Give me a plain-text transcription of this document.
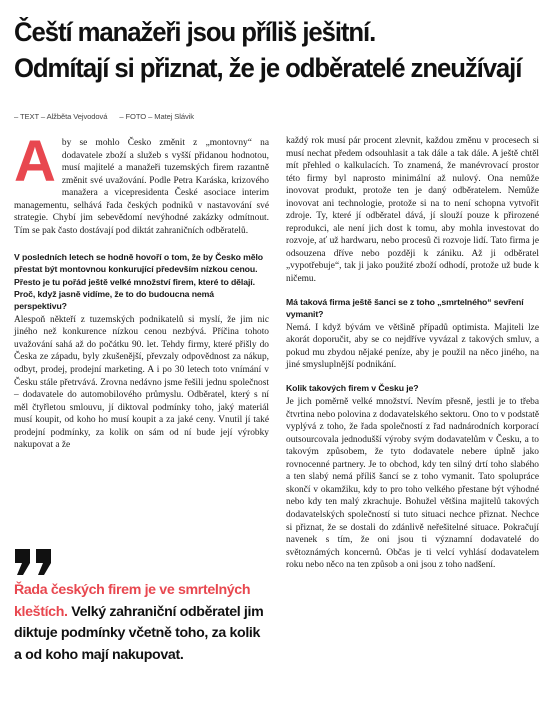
Čeští manažeři jsou příliš ješitní.
Odmítají si přiznat, že je odběratelé zneužívají
– TEXT – Alžběta Vejvodová – FOTO – Matej Slávik

Aby se mohlo Česko změnit z „montovny“ na dodavatele zboží a služeb s vyšší přidanou hodnotou, musí majitelé a manažeři tuzemských firem razantně změnit své uvažování. Podle Petra Karáska, krizového manažera a vicepresidenta České asociace interim managementu, selhává řada českých podniků v nastavování své strategie. Chybí jim sebevědomí nevýhodné zakázky odmítnout. Tím se pak často dostávají pod diktát zahraničních odběratelů.

V posledních letech se hodně hovoří o tom, že by Česko mělo přestat být montovnou konkurující především nízkou cenou. Přesto je tu pořád ještě velké množství firem, které to dělají. Proč, když jasně vidíme, že to do budoucna nemá perspektivu?

Alespoň někteří z tuzemských podnikatelů si myslí, že jim nic jiného než konkurence nízkou cenou nezbývá. Příčina tohoto uvažování sahá až do počátku 90. let. Tehdy firmy, které přišly do Česka ze západu, byly zkušenější, převzaly odpovědnost za nákup, odbyt, prodej, prodejní marketing. A i po 30 letech toto vnímání v Česku stále přetrvává. Zrovna nedávno jsme řešili jednu společnost – dodavatele do automobilového průmyslu. Odběratel, který s ní měl čtyřletou smlouvu, jí diktoval podmínky toho, jaký materiál musí koupit, od koho ho musí koupit a za jaké ceny. Vnutil jí také prodejní podmínky, za kolik on sám od ní bude její výrobky nakupovat a že

každý rok musí pár procent zlevnit, každou změnu v procesech si musí nechat předem odsouhlasit a tak dále a tak dále. A ještě chtěl mít přehled o kalkulacích. To znamená, že manévrovací prostor této firmy byl naprosto minimální až nulový. Ona nemůže inovovat produkt, protože ten je daný odběratelem. Nemůže inovovat ani technologie, protože si na to není schopna vytvořit zdroje. Ty, které jí odběratel dává, jí slouží pouze k přirozené reprodukci, ale není jich dost k tomu, aby mohla investovat do rozvoje, ať už hardwaru, nebo procesů či rozvoje lidí. Tato firma je odsouzena dříve nebo později k zániku. Až ji odběratel „vypotřebuje“, tak ji jako použité zboží odhodí, protože už bude k ničemu.

Má taková firma ještě šanci se z toho „smrtelného“ sevření vymanit?

Nemá. I když bývám ve většině případů optimista. Majiteli lze akorát doporučit, aby se co nejdříve vyvázal z takových smluv, a pokud mu zbydou nějaké peníze, aby je použil na něco jiného, na jiné smysluplnější podnikání.

Kolik takových firem v Česku je?

Je jich poměrně velké množství. Nevím přesně, jestli je to třeba čtvrtina nebo polovina z dodavatelského sektoru. Ono to v podstatě vyplývá z toho, že řada společností z řad nadnárodních korporací outsourcovala jednodušší výroby svým dodavatelům v Česku, a to takovým způsobem, že tyto dodavatele nebere úplně jako rovnocenné partnery. Je to obchod, kdy ten silný drtí toho slabého a ten slabý nemá příliš šancí se z toho vymanit. Tato spolupráce skončí v okamžiku, kdy to pro toho velkého přestane být výhodné nebo kdy ten malý zkrachuje. Bohužel většina majitelů takových dodavatelských společností si tuto situaci nechce přiznat. Nechce si přiznat, že se dostali do zdánlivě neřešitelné situace. Pokračují navenek s tím, že oni jsou ti významní dodavatelé do světoznámých koncernů. Občas je ti velcí vyhlásí dodavatelem roku nebo něco na ten způsob a oni jsou z toho nadšení.

Řada českých firem je ve smrtelných kleštích. Velký zahraniční odběratel jim diktuje podmínky včetně toho, za kolik a od koho mají nakupovat.
